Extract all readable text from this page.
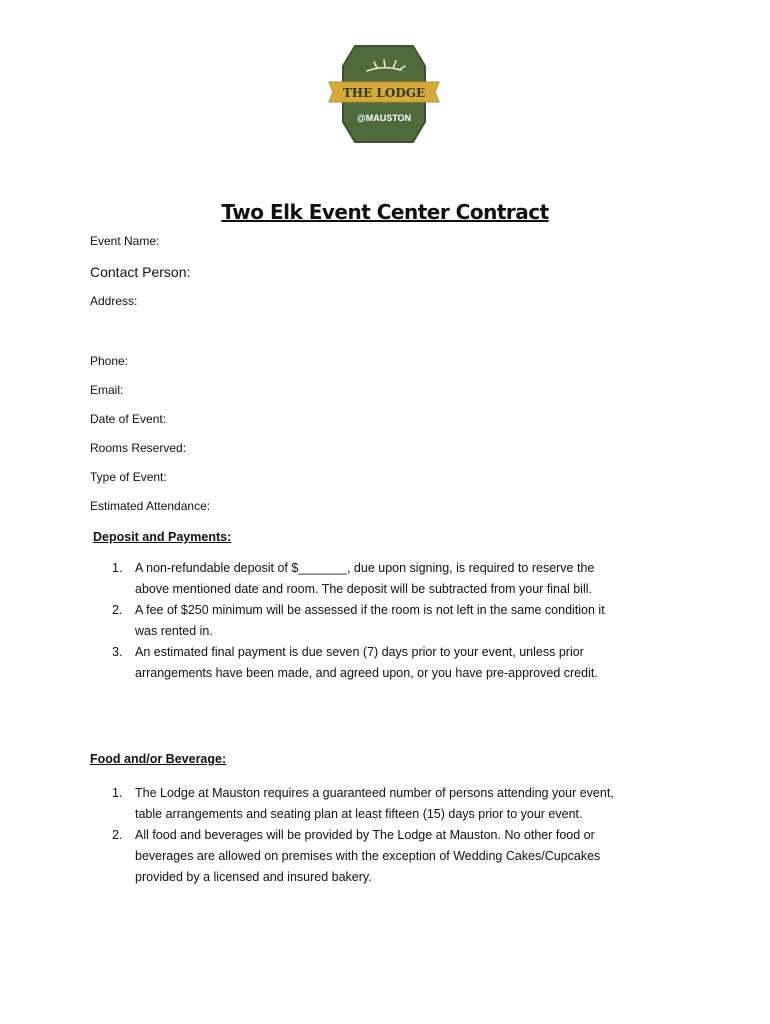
THE LODGE
@MAUSTON
Two Elk Event Center Contract
Event Name:
Contact Person:
Address:
Phone:
Email:
Date of Event:
Rooms Reserved:
Type of Event:
Estimated Attendance:
Deposit and Payments:
1. A non-refundable deposit of $_______, due upon signing, is required to reserve the
above mentioned date and room. The deposit will be subtracted from your final bill.
2. A fee of $250 minimum will be assessed if the room is not left in the same condition it
was rented in.
3. An estimated final payment is due seven (7) days prior to your event, unless prior
arrangements have been made, and agreed upon, or you have pre-approved credit.
Food and/or Beverage:
1. The Lodge at Mauston requires a guaranteed number of persons attending your event,
table arrangements and seating plan at least fifteen (15) days prior to your event.
2. All food and beverages will be provided by The Lodge at Mauston. No other food or
beverages are allowed on premises with the exception of Wedding Cakes/Cupcakes
provided by a licensed and insured bakery.
